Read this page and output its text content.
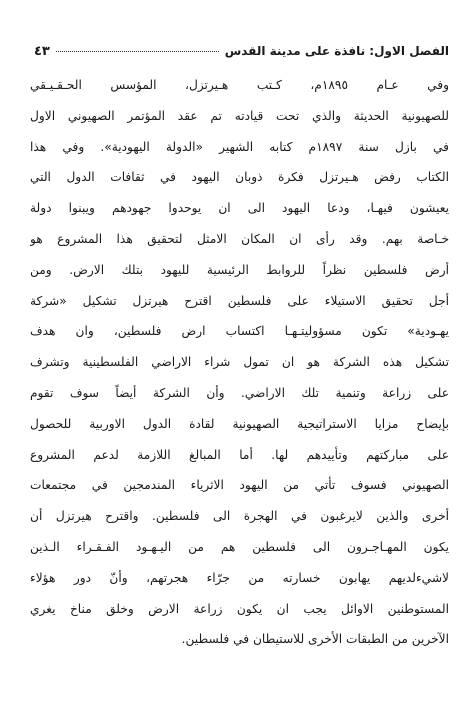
الفصل الاول: نافذة على مدينة القدس
٤٣
وفي عـام ١٨٩٥م، كـتب هـيرتزل، المؤسس الحـقـيـقي
للصهيونية الحديثة والذي تحت قيادته تم عقد المؤتمر الصهيوني الاول
في بازل سنة ١٨٩٧م كتابه الشهير «الدولة اليهودية». وفي هذا
الكتاب رفض هـيرتزل فكرة ذوبان اليهود في ثقافات الدول التي
يعيشون فيهـا، ودعا اليهود الى ان يوحدوا جهودهم ويبنوا دولة
خـاصة بهم. وقد رأى ان المكان الامثل لتحقيق هذا المشروع هو
أرض فلسطين نظراً للروابط الرئيسية لليهود بتلك الارض. ومن
أجل تحقيق الاستيلاء على فلسطين اقترح هيرتزل تشكيل «شركة
يهـودية» تكون مسؤوليتـهـا اكتساب ارض فلسطين، وان هدف
تشكيل هذه الشركة هو ان تمول شراء الاراضي الفلسطينية وتشرف
على زراعة وتنمية تلك الاراضي. وأن الشركة أيضاً سوف تقوم
بإيضاح مزايا الاستراتيجية الصهيونية لقادة الدول الاوربية للحصول
على مباركتهم وتأييدهم لها. أما المبالغ اللازمة لدعم المشروع
الصهيوني فسوف تأتي من اليهود الاثرياء المندمجين في مجتمعات
أخرى والذين لايرغبون في الهجرة الى فلسطين. واقترح هيرتزل أن
يكون المهـاجـرون الى فلسطين هم من اليـهـود الفـقـراء الـذين
لاشيءلديهم يهابون خسارته من جرّاء هجرتهم، وأنّ دور هؤلاء
المستوطنين الاوائل يجب ان يكون زراعة الارض وخلق مناخ يغري
الآخرين من الطبقات الأخرى للاستيطان في فلسطين.
